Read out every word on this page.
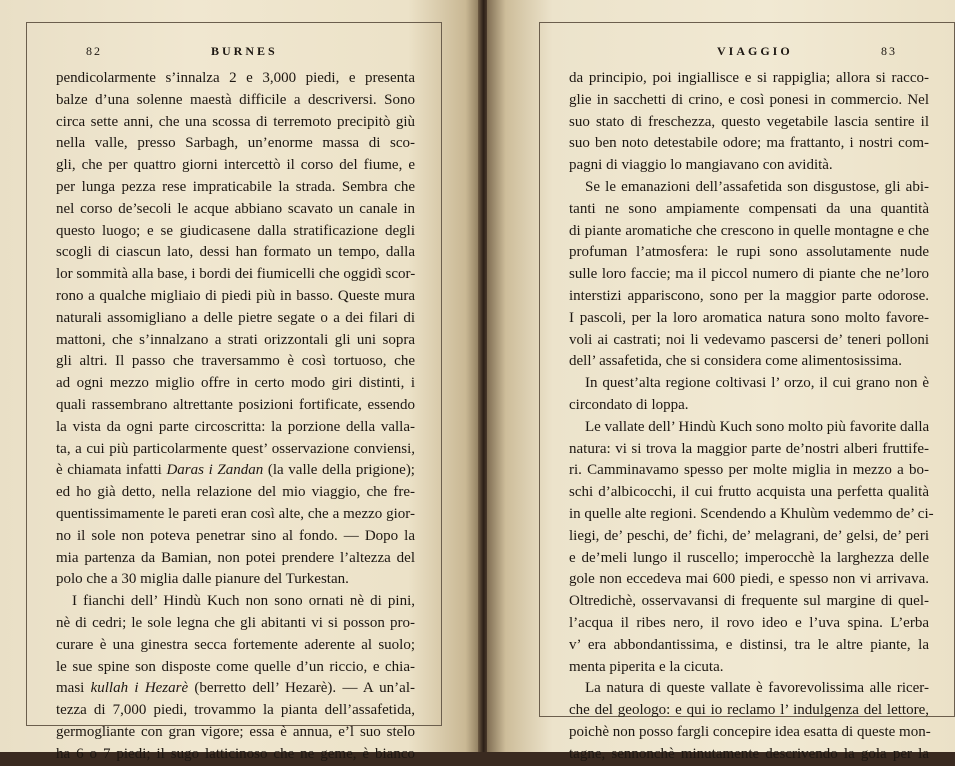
82	BURNES
pendicolarmente s’innalza 2 e 3,000 piedi, e presenta
balze d’una solenne maestà difficile a descriversi. Sono
circa sette anni, che una scossa di terremoto precipitò giù
nella valle, presso Sarbagh, un’enorme massa di sco-
gli, che per quattro giorni intercettò il corso del fiume, e
per lunga pezza rese impraticabile la strada. Sembra che
nel corso de’secoli le acque abbiano scavato un canale in
questo luogo; e se giudicasene dalla stratificazione degli
scogli di ciascun lato, dessi han formato un tempo, dalla
lor sommità alla base, i bordi dei fiumicelli che oggidì scor-
rono a qualche migliaio di piedi più in basso. Queste mura
naturali assomigliano a delle pietre segate o a dei filari di
mattoni, che s’innalzano a strati orizzontali gli uni sopra
gli altri. Il passo che traversammo è così tortuoso, che
ad ogni mezzo miglio offre in certo modo giri distinti, i
quali rassembrano altrettante posizioni fortificate, essendo
la vista da ogni parte circoscritta: la porzione della valla-
ta, a cui più particolarmente quest’ osservazione conviensi,
è chiamata infatti Daras i Zandan (la valle della prigione);
ed ho già detto, nella relazione del mio viaggio, che fre-
quentissimamente le pareti eran così alte, che a mezzo gior-
no il sole non poteva penetrar sino al fondo. — Dopo la
mia partenza da Bamian, non potei prendere l’altezza del
polo che a 30 miglia dalle pianure del Turkestan.
I fianchi dell’ Hindù Kuch non sono ornati nè di pini,
nè di cedri; le sole legna che gli abitanti vi si posson pro-
curare è una ginestra secca fortemente aderente al suolo;
le sue spine son disposte come quelle d’un riccio, e chia-
masi kullah i Hezarè (berretto dell’ Hezarè). — A un’al-
tezza di 7,000 piedi, trovammo la pianta dell’assafetida,
germogliante con gran vigore; essa è annua, e’l suo stelo
ha 6 o 7 piedi; il sugo latticinoso che ne geme, è bianco
VIAGGIO	83
da principio, poi ingiallisce e si rappiglia; allora si racco-
glie in sacchetti di crino, e così ponesi in commercio. Nel
suo stato di freschezza, questo vegetabile lascia sentire il
suo ben noto detestabile odore; ma frattanto, i nostri com-
pagni di viaggio lo mangiavano con avidità.
Se le emanazioni dell’assafetida son disgustose, gli abi-
tanti ne sono ampiamente compensati da una quantità
di piante aromatiche che crescono in quelle montagne e che
profuman l’atmosfera: le rupi sono assolutamente nude
sulle loro faccie; ma il piccol numero di piante che ne’loro
interstizi appariscono, sono per la maggior parte odorose.
I pascoli, per la loro aromatica natura sono molto favore-
voli ai castrati; noi li vedevamo pascersi de’ teneri polloni
dell’ assafetida, che si considera come alimentosissima.
In quest’alta regione coltivasi l’ orzo, il cui grano non è
circondato di loppa.
Le vallate dell’ Hindù Kuch sono molto più favorite dalla
natura: vi si trova la maggior parte de’nostri alberi fruttife-
ri. Camminavamo spesso per molte miglia in mezzo a bo-
schi d’albicocchi, il cui frutto acquista una perfetta qualità
in quelle alte regioni. Scendendo a Khulùm vedemmo de’ ci-
liegi, de’ peschi, de’ fichi, de’ melagrani, de’ gelsi, de’ peri
e de’meli lungo il ruscello; imperocchè la larghezza delle
gole non eccedeva mai 600 piedi, e spesso non vi arrivava.
Oltredichè, osservavansi di frequente sul margine di quel-
l’acqua il ribes nero, il rovo ideo e l’uva spina. L’erba
v’ era abbondantissima, e distinsi, tra le altre piante, la
menta piperita e la cicuta.
La natura di queste vallate è favorevolissima alle ricer-
che del geologo: e qui io reclamo l’ indulgenza del lettore,
poichè non posso fargli concepire idea esatta di queste mon-
tagne, sennonchè minutamente descrivendo la gola per la
